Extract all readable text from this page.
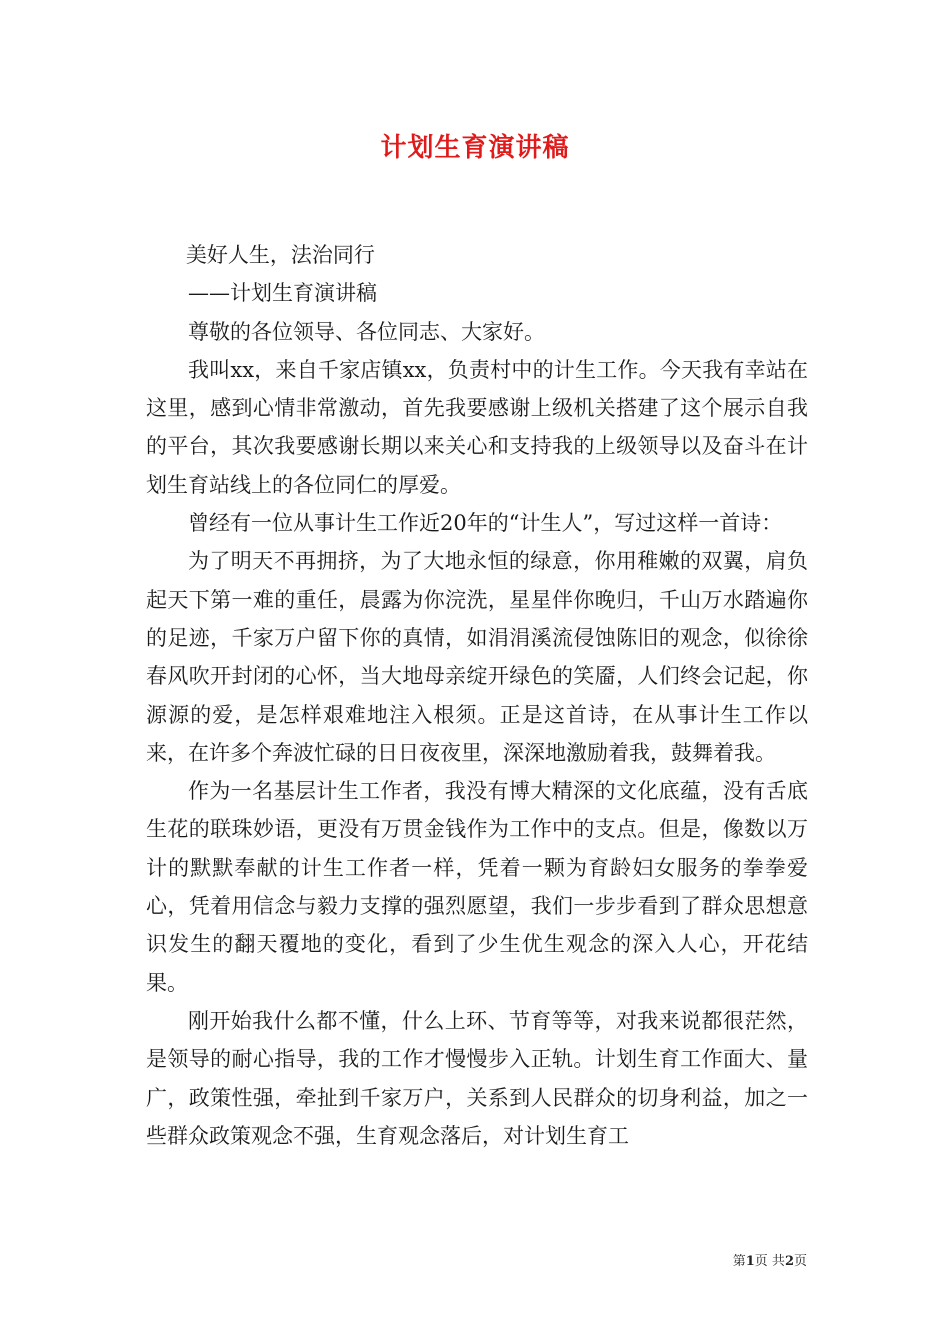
计划生育演讲稿

美好人生，法治同行

——计划生育演讲稿

尊敬的各位领导、各位同志、大家好。

我叫xx，来自千家店镇xx，负责村中的计生工作。今天我有幸站在这里，感到心情非常激动，首先我要感谢上级机关搭建了这个展示自我的平台，其次我要感谢长期以来关心和支持我的上级领导以及奋斗在计划生育站线上的各位同仁的厚爱。

曾经有一位从事计生工作近20年的“计生人”，写过这样一首诗：

为了明天不再拥挤，为了大地永恒的绿意，你用稚嫩的双翼，肩负起天下第一难的重任，晨露为你浣洗，星星伴你晚归，千山万水踏遍你的足迹，千家万户留下你的真情，如涓涓溪流侵蚀陈旧的观念，似徐徐春风吹开封闭的心怀，当大地母亲绽开绿色的笑靥，人们终会记起，你源源的爱，是怎样艰难地注入根须。正是这首诗，在从事计生工作以来，在许多个奔波忙碌的日日夜夜里，深深地激励着我，鼓舞着我。

作为一名基层计生工作者，我没有博大精深的文化底蕴，没有舌底生花的联珠妙语，更没有万贯金钱作为工作中的支点。但是，像数以万计的默默奉献的计生工作者一样，凭着一颗为育龄妇女服务的拳拳爱心，凭着用信念与毅力支撑的强烈愿望，我们一步步看到了群众思想意识发生的翻天覆地的变化，看到了少生优生观念的深入人心，开花结果。

刚开始我什么都不懂，什么上环、节育等等，对我来说都很茫然，是领导的耐心指导，我的工作才慢慢步入正轨。计划生育工作面大、量广，政策性强，牵扯到千家万户，关系到人民群众的切身利益，加之一些群众政策观念不强，生育观念落后，对计划生育工

第1页 共2页
